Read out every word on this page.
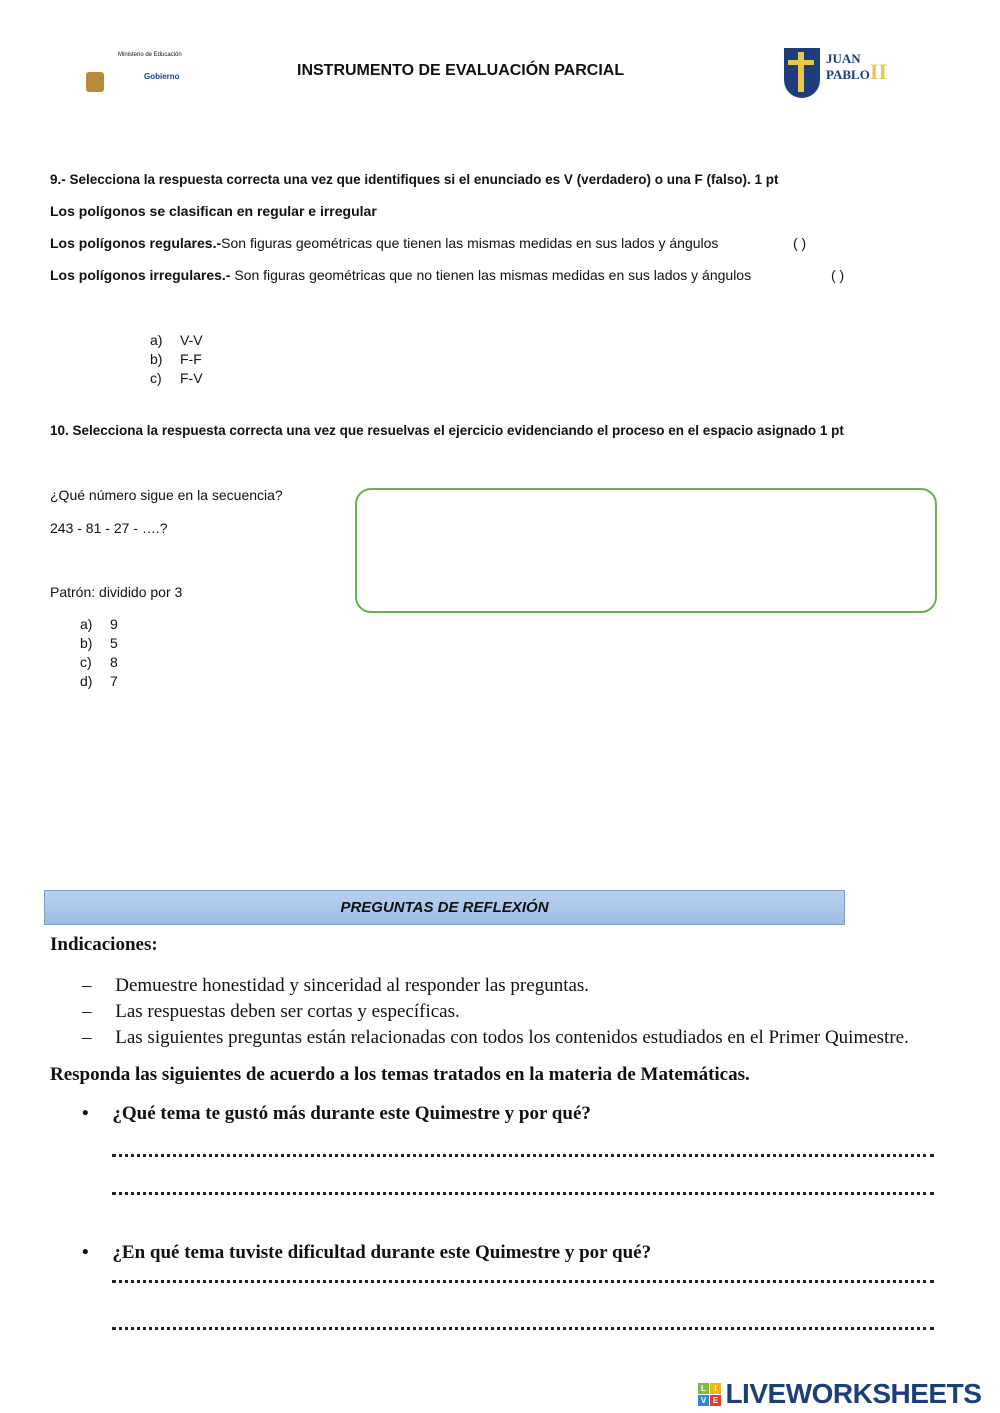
Ministerio de Educación
Gobierno	INSTRUMENTO DE EVALUACIÓN PARCIAL
JUAN
PABLOII
9.- Selecciona la respuesta correcta una vez que identifiques si el enunciado es V (verdadero) o una F (falso). 1 pt
Los polígonos se clasifican en regular e irregular
Los polígonos regulares.-Son figuras geométricas que tienen las mismas medidas en sus lados y ángulos	( )
Los polígonos irregulares.- Son figuras geométricas que no tienen las mismas medidas en sus lados y ángulos	( )
a) V-V
b) F-F
c) F-V
10. Selecciona la respuesta correcta una vez que resuelvas el ejercicio evidenciando el proceso en el espacio asignado 1 pt
¿Qué número sigue en la secuencia?
243 - 81 - 27 - ….?
Patrón: dividido por 3
a) 9
b) 5
c) 8
d) 7
PREGUNTAS DE REFLEXIÓN
Indicaciones:
–     Demuestre honestidad y sinceridad al responder las preguntas.
–     Las respuestas deben ser cortas y específicas.
–     Las siguientes preguntas están relacionadas con todos los contenidos estudiados en el Primer Quimestre.
Responda las siguientes de acuerdo a los temas tratados en la materia de Matemáticas.
•     ¿Qué tema te gustó más durante este Quimestre y por qué?
•     ¿En qué tema tuviste dificultad durante este Quimestre y por qué?
L	I
V E LIVEWORKSHEETS
